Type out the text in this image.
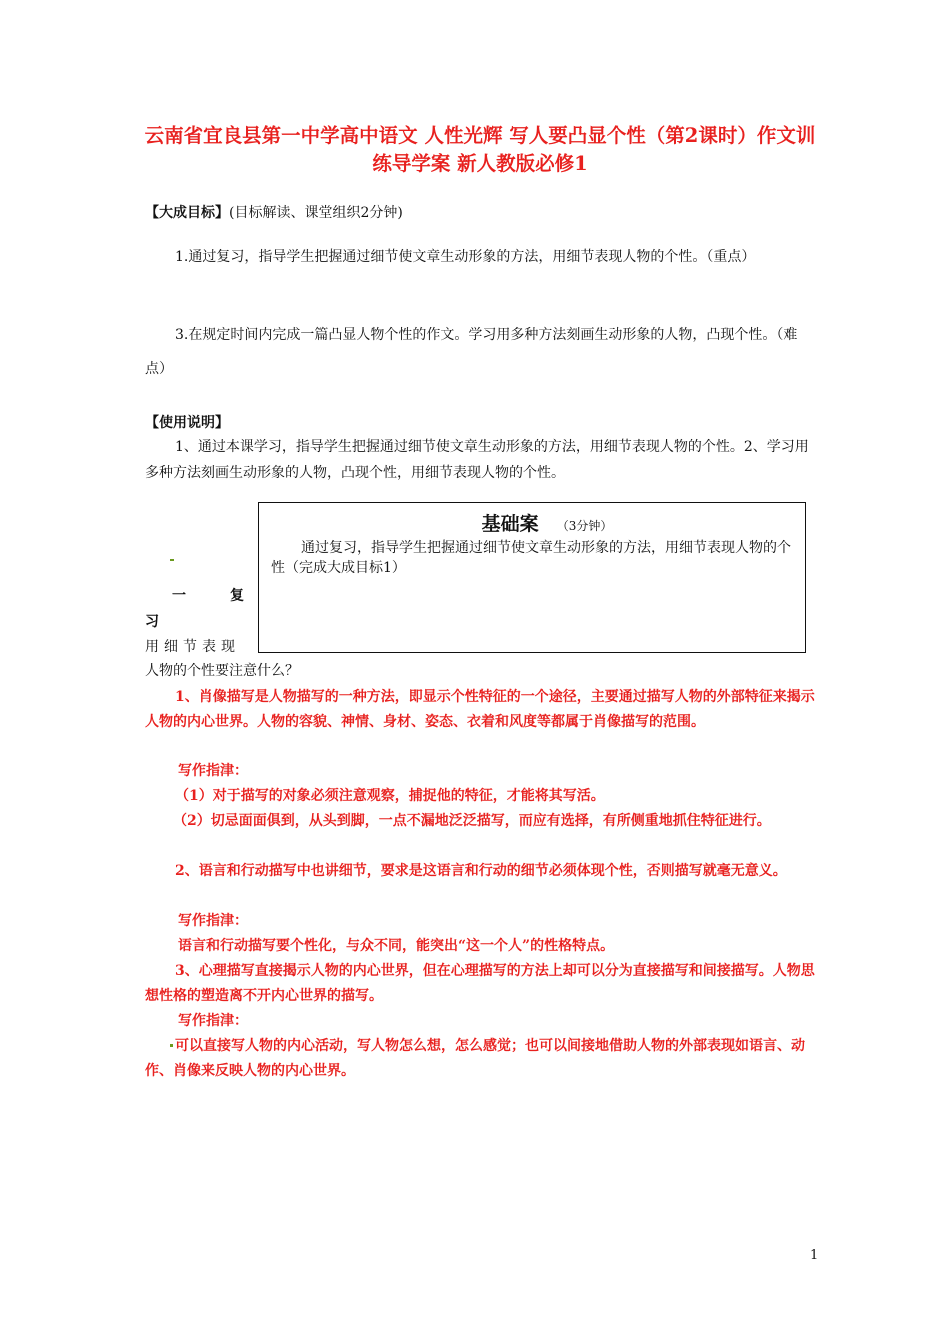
云南省宜良县第一中学高中语文 人性光辉 写人要凸显个性（第2课时）作文训练导学案 新人教版必修1

【大成目标】(目标解读、课堂组织2分钟)

1.通过复习，指导学生把握通过细节使文章生动形象的方法，用细节表现人物的个性。（重点）

3.在规定时间内完成一篇凸显人物个性的作文。学习用多种方法刻画生动形象的人物，凸现个性。（难点）

【使用说明】

1、通过本课学习，指导学生把握通过细节使文章生动形象的方法，用细节表现人物的个性。2、学习用多种方法刻画生动形象的人物，凸现个性，用细节表现人物的个性。

基础案 （3分钟）

通过复习，指导学生把握通过细节使文章生动形象的方法，用细节表现人物的个性（完成大成目标1）

一	复
习
用细节表现
人物的个性要注意什么？

1、肖像描写是人物描写的一种方法，即显示个性特征的一个途径，主要通过描写人物的外部特征来揭示人物的内心世界。人物的容貌、神情、身材、姿态、衣着和风度等都属于肖像描写的范围。

写作指津：

（1）对于描写的对象必须注意观察，捕捉他的特征，才能将其写活。

（2）切忌面面俱到，从头到脚，一点不漏地泛泛描写，而应有选择，有所侧重地抓住特征进行。

2、语言和行动描写中也讲细节，要求是这语言和行动的细节必须体现个性，否则描写就毫无意义。

写作指津：

语言和行动描写要个性化，与众不同，能突出“这一个人”的性格特点。

3、心理描写直接揭示人物的内心世界，但在心理描写的方法上却可以分为直接描写和间接描写。人物思想性格的塑造离不开内心世界的描写。

写作指津：

可以直接写人物的内心活动，写人物怎么想，怎么感觉；也可以间接地借助人物的外部表现如语言、动作、肖像来反映人物的内心世界。

1
